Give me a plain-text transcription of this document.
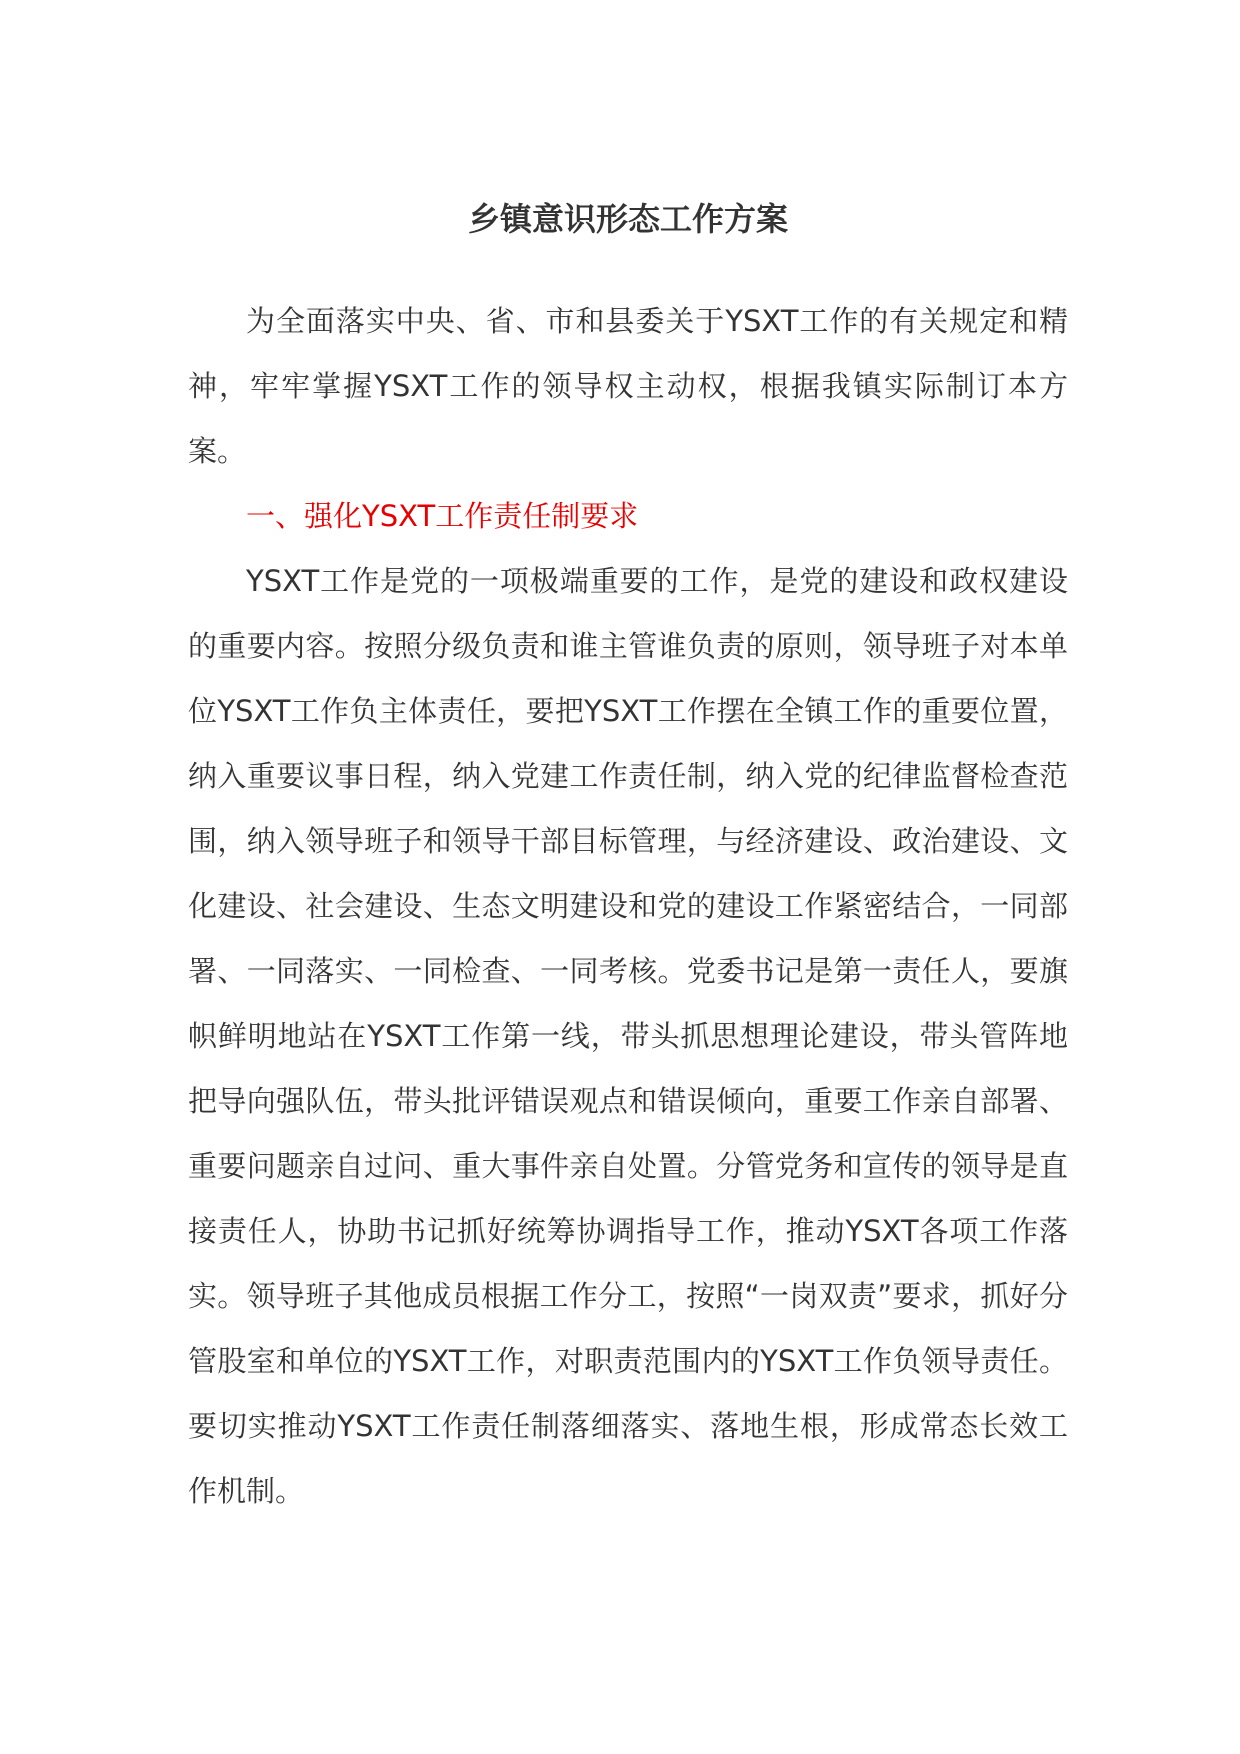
乡镇意识形态工作方案

为全面落实中央、省、市和县委关于YSXT工作的有关规定和精神，牢牢掌握YSXT工作的领导权主动权，根据我镇实际制订本方案。

一、强化YSXT工作责任制要求

YSXT工作是党的一项极端重要的工作，是党的建设和政权建设的重要内容。按照分级负责和谁主管谁负责的原则，领导班子对本单位YSXT工作负主体责任，要把YSXT工作摆在全镇工作的重要位置，纳入重要议事日程，纳入党建工作责任制，纳入党的纪律监督检查范围，纳入领导班子和领导干部目标管理，与经济建设、政治建设、文化建设、社会建设、生态文明建设和党的建设工作紧密结合，一同部署、一同落实、一同检查、一同考核。党委书记是第一责任人，要旗帜鲜明地站在YSXT工作第一线，带头抓思想理论建设，带头管阵地把导向强队伍，带头批评错误观点和错误倾向，重要工作亲自部署、重要问题亲自过问、重大事件亲自处置。分管党务和宣传的领导是直接责任人，协助书记抓好统筹协调指导工作，推动YSXT各项工作落实。领导班子其他成员根据工作分工，按照“一岗双责”要求，抓好分管股室和单位的YSXT工作，对职责范围内的YSXT工作负领导责任。要切实推动YSXT工作责任制落细落实、落地生根，形成常态长效工作机制。
